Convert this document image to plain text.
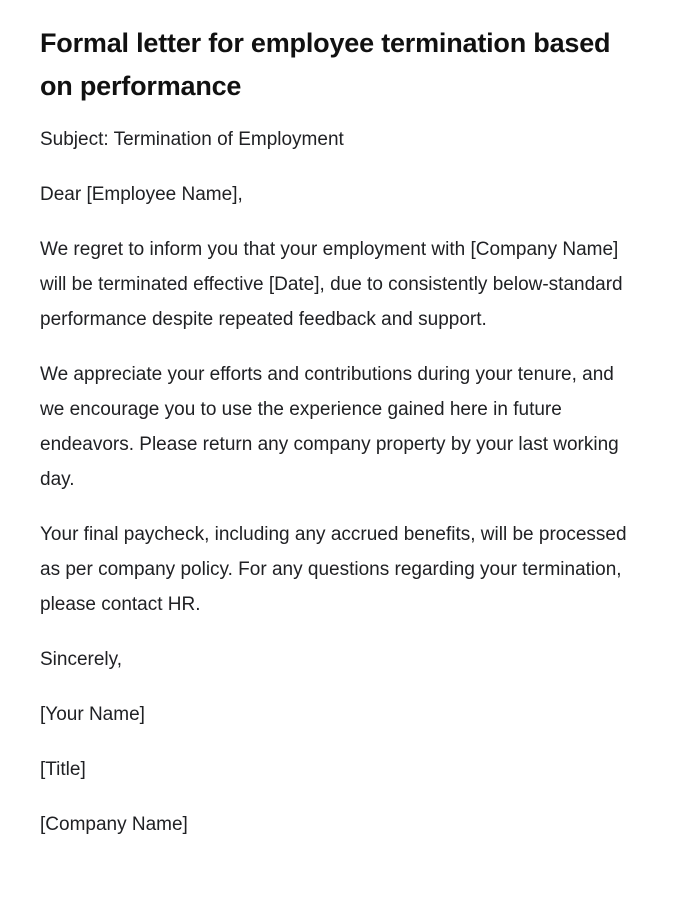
Formal letter for employee termination based on performance

Subject: Termination of Employment

Dear [Employee Name],

We regret to inform you that your employment with [Company Name] will be terminated effective [Date], due to consistently below-standard performance despite repeated feedback and support.

We appreciate your efforts and contributions during your tenure, and we encourage you to use the experience gained here in future endeavors. Please return any company property by your last working day.

Your final paycheck, including any accrued benefits, will be processed as per company policy. For any questions regarding your termination, please contact HR.

Sincerely,

[Your Name]

[Title]

[Company Name]
